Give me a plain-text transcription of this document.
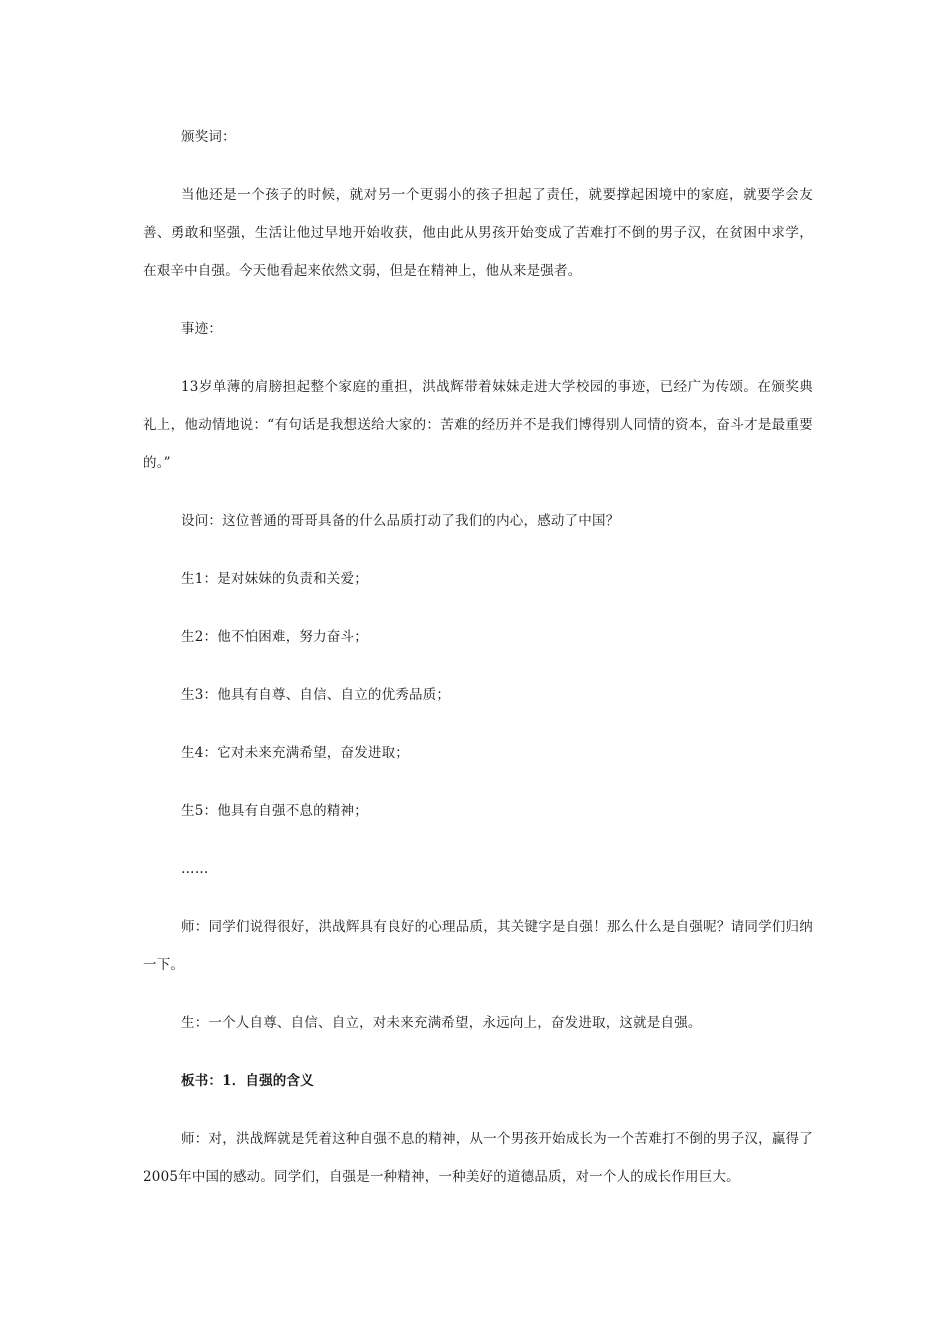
颁奖词：

当他还是一个孩子的时候，就对另一个更弱小的孩子担起了责任，就要撑起困境中的家庭，就要学会友善、勇敢和坚强，生活让他过早地开始收获，他由此从男孩开始变成了苦难打不倒的男子汉，在贫困中求学，在艰辛中自强。今天他看起来依然文弱，但是在精神上，他从来是强者。

事迹：

13岁单薄的肩膀担起整个家庭的重担，洪战辉带着妹妹走进大学校园的事迹，已经广为传颂。在颁奖典礼上，他动情地说：“有句话是我想送给大家的：苦难的经历并不是我们博得别人同情的资本，奋斗才是最重要的。”

设问：这位普通的哥哥具备的什么品质打动了我们的内心，感动了中国？

生1：是对妹妹的负责和关爱；

生2：他不怕困难，努力奋斗；

生3：他具有自尊、自信、自立的优秀品质；

生4：它对未来充满希望，奋发进取；

生5：他具有自强不息的精神；

……

师：同学们说得很好，洪战辉具有良好的心理品质，其关键字是自强！那么什么是自强呢？请同学们归纳一下。

生：一个人自尊、自信、自立，对未来充满希望，永远向上，奋发进取，这就是自强。

板书：1．自强的含义

师：对，洪战辉就是凭着这种自强不息的精神，从一个男孩开始成长为一个苦难打不倒的男子汉，赢得了2005年中国的感动。同学们，自强是一种精神，一种美好的道德品质，对一个人的成长作用巨大。
